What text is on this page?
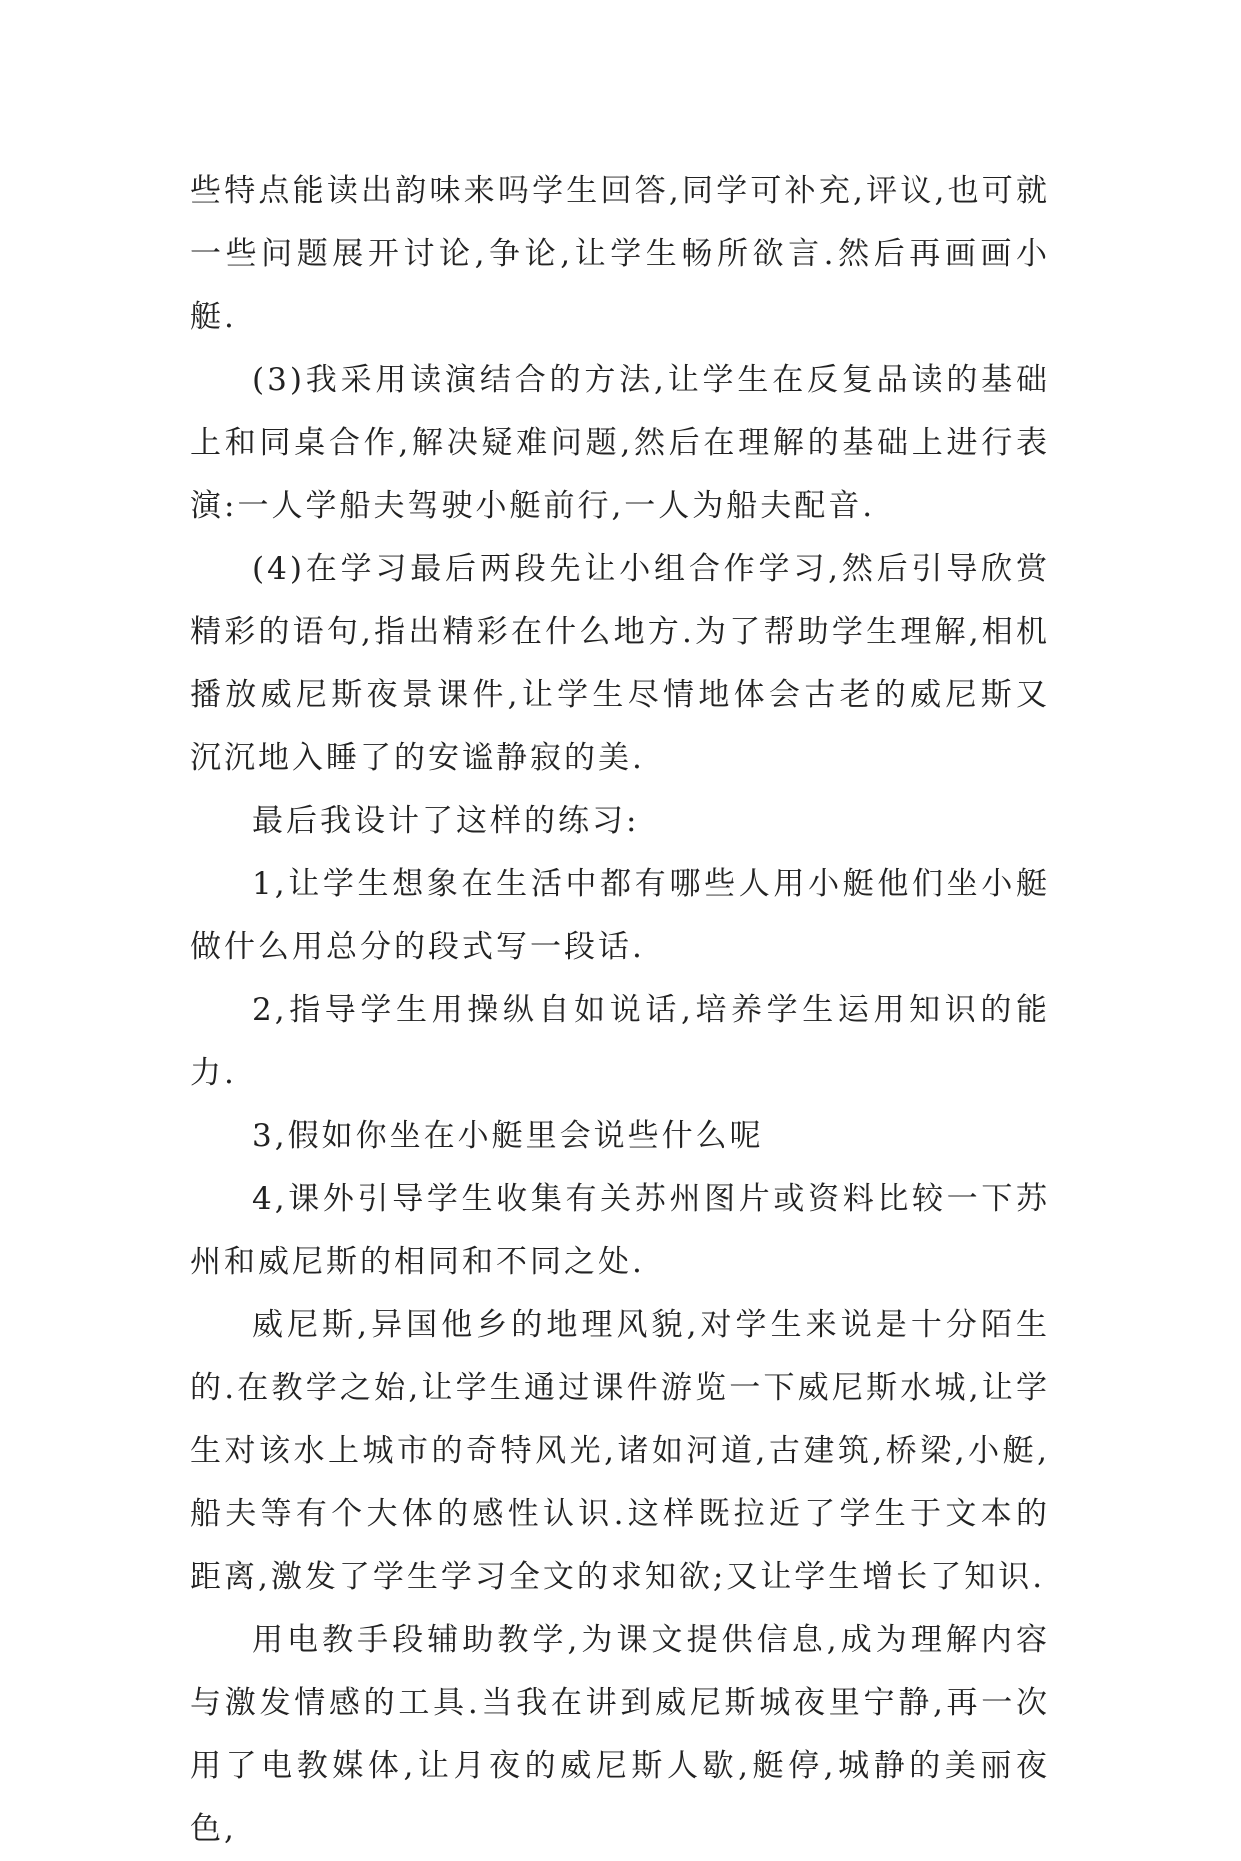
些特点能读出韵味来吗学生回答,同学可补充,评议,也可就一些问题展开讨论,争论,让学生畅所欲言.然后再画画小艇.

(3)我采用读演结合的方法,让学生在反复品读的基础上和同桌合作,解决疑难问题,然后在理解的基础上进行表演:一人学船夫驾驶小艇前行,一人为船夫配音.

(4)在学习最后两段先让小组合作学习,然后引导欣赏精彩的语句,指出精彩在什么地方.为了帮助学生理解,相机播放威尼斯夜景课件,让学生尽情地体会古老的威尼斯又沉沉地入睡了的安谧静寂的美.

最后我设计了这样的练习:

1,让学生想象在生活中都有哪些人用小艇他们坐小艇做什么用总分的段式写一段话.

2,指导学生用操纵自如说话,培养学生运用知识的能力.

3,假如你坐在小艇里会说些什么呢

4,课外引导学生收集有关苏州图片或资料比较一下苏州和威尼斯的相同和不同之处.

威尼斯,异国他乡的地理风貌,对学生来说是十分陌生的.在教学之始,让学生通过课件游览一下威尼斯水城,让学生对该水上城市的奇特风光,诸如河道,古建筑,桥梁,小艇,船夫等有个大体的感性认识.这样既拉近了学生于文本的距离,激发了学生学习全文的求知欲;又让学生增长了知识.

用电教手段辅助教学,为课文提供信息,成为理解内容与激发情感的工具.当我在讲到威尼斯城夜里宁静,再一次用了电教媒体,让月夜的威尼斯人歇,艇停,城静的美丽夜色,
